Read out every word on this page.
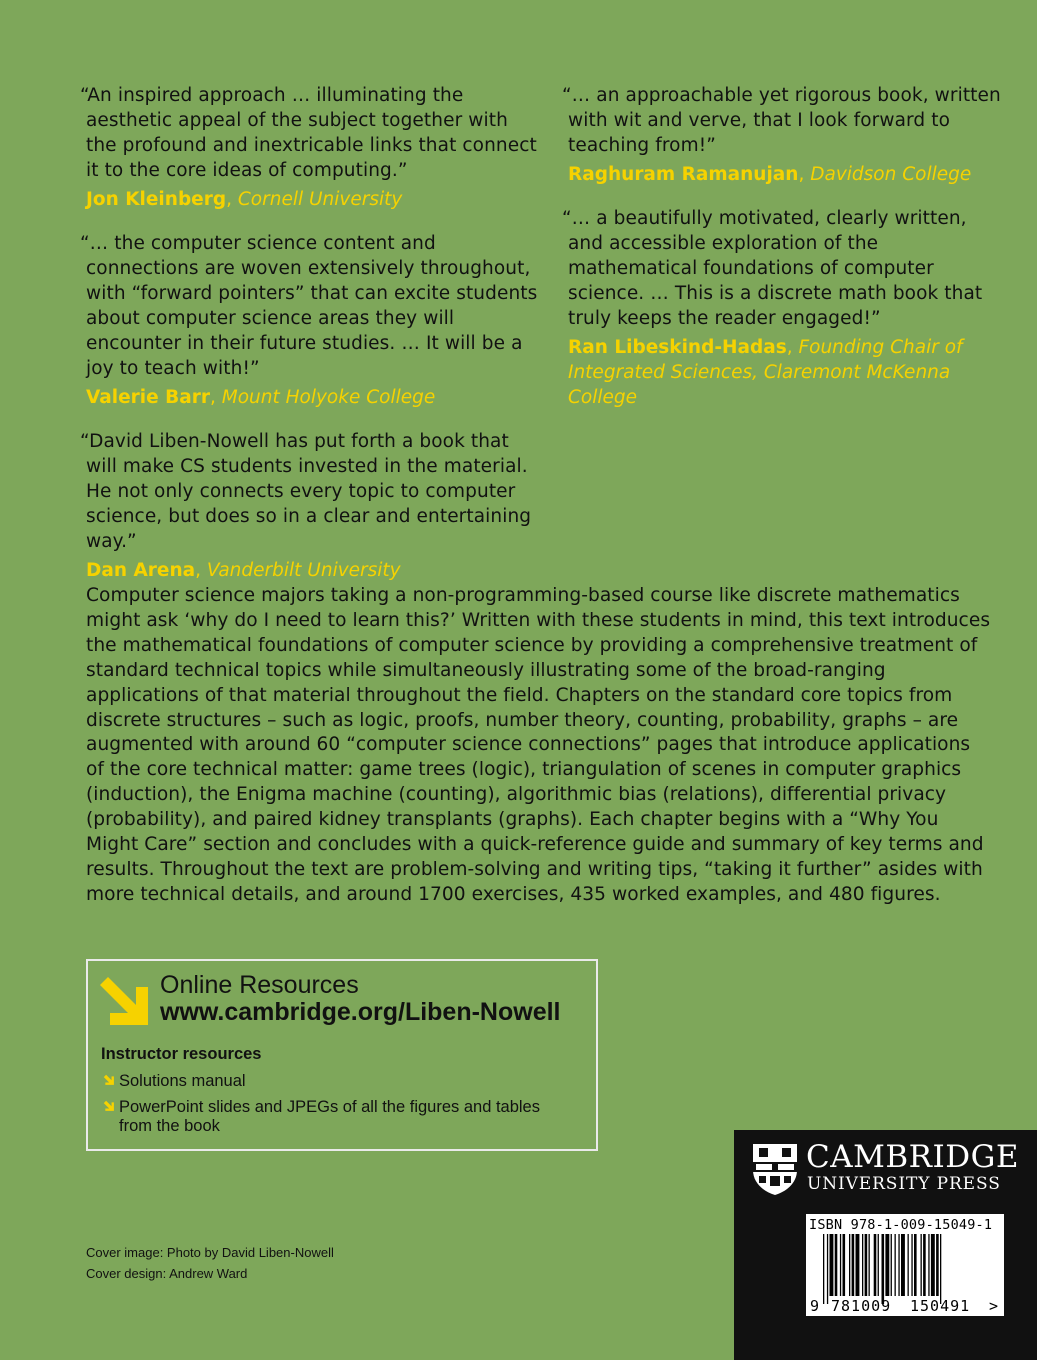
“An inspired approach … illuminating the aesthetic appeal of the subject together with the profound and inextricable links that connect it to the core ideas of computing.”

Jon Kleinberg, Cornell University

“… the computer science content and connections are woven extensively throughout, with “forward pointers” that can excite students about computer science areas they will encounter in their future studies. … It will be a joy to teach with!”

Valerie Barr, Mount Holyoke College

“David Liben-Nowell has put forth a book that will make CS students invested in the material. He not only connects every topic to computer science, but does so in a clear and entertaining way.”

Dan Arena, Vanderbilt University

“… an approachable yet rigorous book, written with wit and verve, that I look forward to teaching from!”

Raghuram Ramanujan, Davidson College

“… a beautifully motivated, clearly written, and accessible exploration of the mathematical foundations of computer science. … This is a discrete math book that truly keeps the reader engaged!”

Ran Libeskind-Hadas, Founding Chair of Integrated Sciences, Claremont McKenna College

Computer science majors taking a non-programming-based course like discrete mathematics might ask ‘why do I need to learn this?’ Written with these students in mind, this text introduces the mathematical foundations of computer science by providing a comprehensive treatment of standard technical topics while simultaneously illustrating some of the broad-ranging applications of that material throughout the field. Chapters on the standard core topics from discrete structures – such as logic, proofs, number theory, counting, probability, graphs – are augmented with around 60 “computer science connections” pages that introduce applications of the core technical matter: game trees (logic), triangulation of scenes in computer graphics (induction), the Enigma machine (counting), algorithmic bias (relations), differential privacy (probability), and paired kidney transplants (graphs). Each chapter begins with a “Why You Might Care” section and concludes with a quick-reference guide and summary of key terms and results. Throughout the text are problem-solving and writing tips, “taking it further” asides with more technical details, and around 1700 exercises, 435 worked examples, and 480 figures.

Online Resources
www.cambridge.org/Liben-Nowell
Instructor resources
Solutions manual
PowerPoint slides and JPEGs of all the figures and tables from the book
Cover image: Photo by David Liben-Nowell
Cover design: Andrew Ward
CAMBRIDGE
UNIVERSITY PRESS
ISBN 978-1-009-15049-1
9 781009 150491 >
